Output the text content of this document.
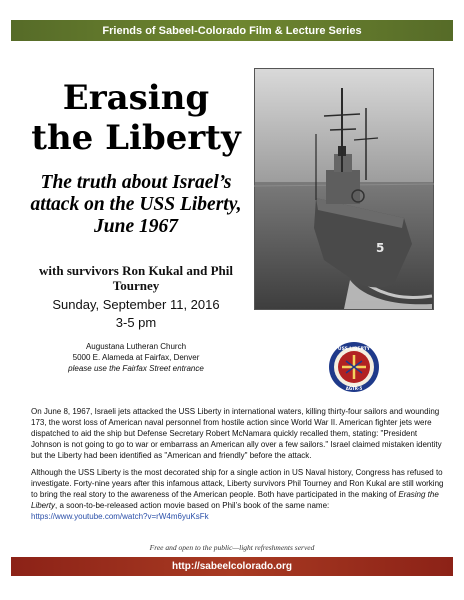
Friends of Sabeel-Colorado Film & Lecture Series
Erasing
the Liberty

The truth about Israel’s attack on the USS Liberty, June 1967

with survivors Ron Kukal and Phil Tourney
Sunday, September 11, 2016
3-5 pm
Augustana Lutheran Church
5000 E. Alameda at Fairfax, Denver
please use the Fairfax Street entrance
5
USS LIBERTY
AGTR-5

On June 8, 1967, Israeli jets attacked the USS Liberty in international waters, killing thirty-four sailors and wounding 173, the worst loss of American naval personnel from hostile action since World War II. American fighter jets were dispatched to aid the ship but Defense Secretary Robert McNamara quickly recalled them, stating: "President Johnson is not going to go to war or embarrass an American ally over a few sailors." Israel claimed mistaken identity but the Liberty had been identified as "American and friendly" before the attack.

Although the USS Liberty is the most decorated ship for a single action in US Naval history, Congress has refused to investigate. Forty-nine years after this infamous attack, Liberty survivors Phil Tourney and Ron Kukal are still working to bring the real story to the awareness of the American people. Both have participated in the making of Erasing the Liberty, a soon-to-be-released action movie based on Phil’s book of the same name: https://www.youtube.com/watch?v=rW4m6yuKsFk

Free and open to the public—light refreshments served
http://sabeelcolorado.org
